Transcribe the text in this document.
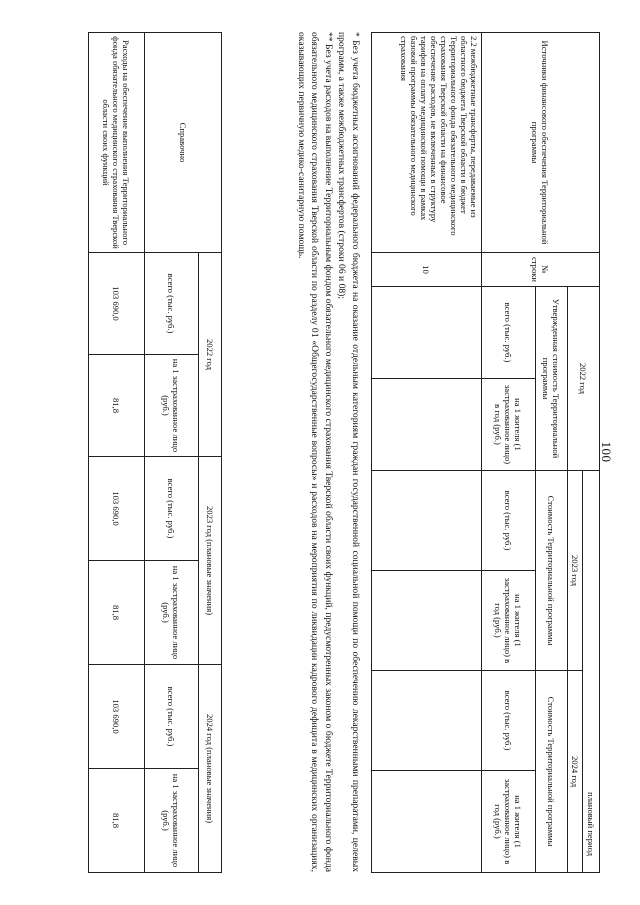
100
Источники финансового обеспечения Территориальной программы	№ строки	2022 год		плановый период			
				2023 год		2024 год	
		Утвержденная стоимость Территориальной программы		Стоимость Территориальной программы		Стоимость Территориальной программы	
		всего (тыс. руб.)	на 1 жителя (1 застрахованное лицо) в год (руб.)	всего (тыс. руб.)	на 1 жителя (1 застрахованное лицо) в год (руб.)	всего (тыс. руб.)	на 1 жителя (1 застрахованное лицо) в год (руб.)
2.2 межбюджетные трансферты, передаваемые из областного бюджета Тверской области в бюджет Территориального фонда обязательного медицинского страхования Тверской области на финансовое обеспечение расходов, не включенных в структуру тарифов на оплату медицинской помощи в рамках базовой программы обязательного медицинского страхования	10						

* Без учета бюджетных ассигнований федерального бюджета на оказание отдельным категориям граждан государственной социальной помощи по обеспечению лекарственными препаратами, целевых программ, а также межбюджетных трансфертов (строки 06 и 08);

** Без учета расходов на выполнение Территориальным фондом обязательного медицинского страхования Тверской области своих функций, предусмотренных законом о бюджете Территориального фонда обязательного медицинского страхования Тверской области по разделу 01 «Общегосударственные вопросы» и расходов на мероприятия по ликвидации кадрового дефицита в медицинских организациях, оказывающих первичную медико-санитарную помощь.

Справочно	2022 год		2023 год (плановые значения)		2024 год (плановые значения)	
	всего (тыс. руб.)	на 1 застрахованное лицо (руб.)	всего (тыс. руб.)	на 1 застрахованное лицо (руб.)	всего (тыс. руб.)	на 1 застрахованное лицо (руб.)
Расходы на обеспечение выполнения Территориального фонда обязательного медицинского страхования Тверской области своих функций	103 690,0	81,8	103 690,0	81,8	103 690,0	81,8
